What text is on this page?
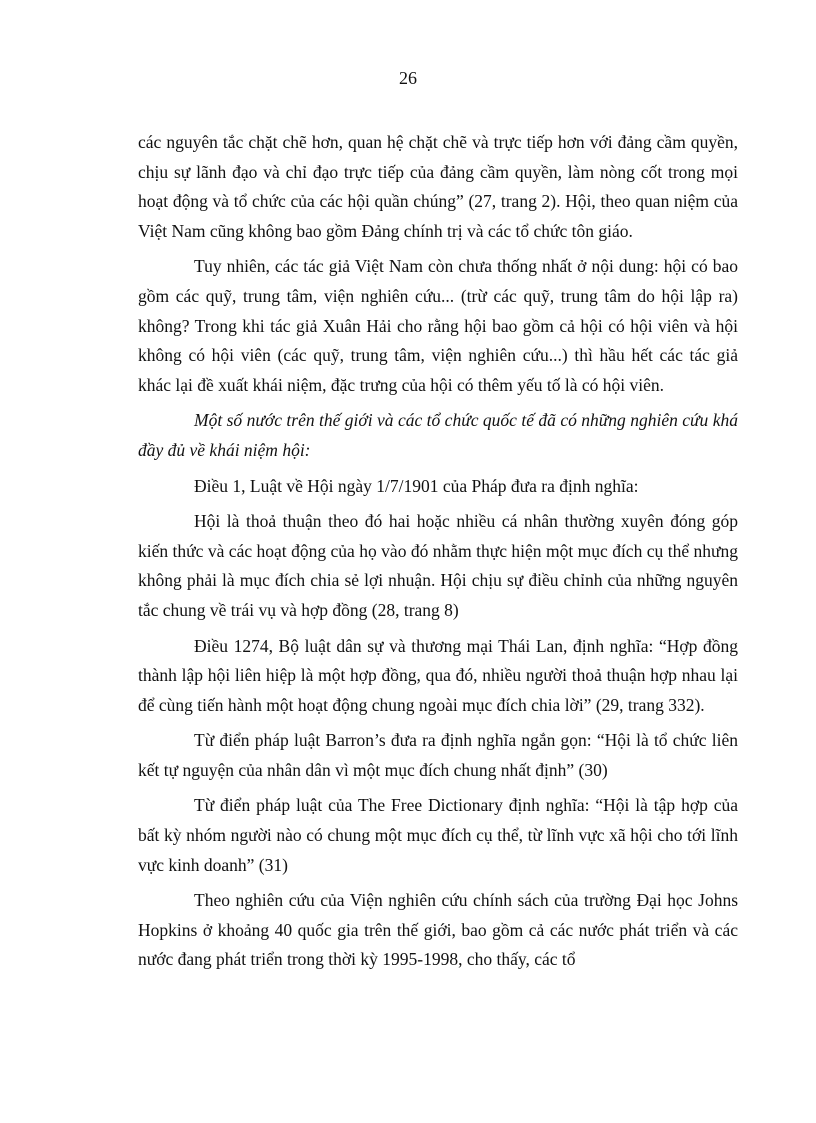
26

các nguyên tắc chặt chẽ hơn, quan hệ chặt chẽ và trực tiếp hơn với đảng cầm quyền, chịu sự lãnh đạo và chỉ đạo trực tiếp của đảng cầm quyền, làm nòng cốt trong mọi hoạt động và tổ chức của các hội quần chúng” (27, trang 2). Hội, theo quan niệm của Việt Nam cũng không bao gồm Đảng chính trị và các tổ chức tôn giáo.

Tuy nhiên, các tác giả Việt Nam còn chưa thống nhất ở nội dung: hội có bao gồm các quỹ, trung tâm, viện nghiên cứu... (trừ các quỹ, trung tâm do hội lập ra) không? Trong khi tác giả Xuân Hải cho rằng hội bao gồm cả hội có hội viên và hội không có hội viên (các quỹ, trung tâm, viện nghiên cứu...) thì hầu hết các tác giả khác lại đề xuất khái niệm, đặc trưng của hội có thêm yếu tố là có hội viên.

Một số nước trên thế giới và các tổ chức quốc tế đã có những nghiên cứu khá đầy đủ về khái niệm hội:

Điều 1, Luật về Hội ngày 1/7/1901 của Pháp đưa ra định nghĩa:

Hội là thoả thuận theo đó hai hoặc nhiều cá nhân thường xuyên đóng góp kiến thức và các hoạt động của họ vào đó nhằm thực hiện một mục đích cụ thể nhưng không phải là mục đích chia sẻ lợi nhuận. Hội chịu sự điều chỉnh của những nguyên tắc chung về trái vụ và hợp đồng (28, trang 8)

Điều 1274, Bộ luật dân sự và thương mại Thái Lan, định nghĩa: “Hợp đồng thành lập hội liên hiệp là một hợp đồng, qua đó, nhiều người thoả thuận hợp nhau lại để cùng tiến hành một hoạt động chung ngoài mục đích chia lời” (29, trang 332).

Từ điển pháp luật Barron’s đưa ra định nghĩa ngắn gọn: “Hội là tổ chức liên kết tự nguyện của nhân dân vì một mục đích chung nhất định” (30)

Từ điển pháp luật của The Free Dictionary định nghĩa: “Hội là tập hợp của bất kỳ nhóm người nào có chung một mục đích cụ thể, từ lĩnh vực xã hội cho tới lĩnh vực kinh doanh” (31)

Theo nghiên cứu của Viện nghiên cứu chính sách của trường Đại học Johns Hopkins ở khoảng 40 quốc gia trên thế giới, bao gồm cả các nước phát triển và các nước đang phát triển trong thời kỳ 1995-1998, cho thấy, các tổ
